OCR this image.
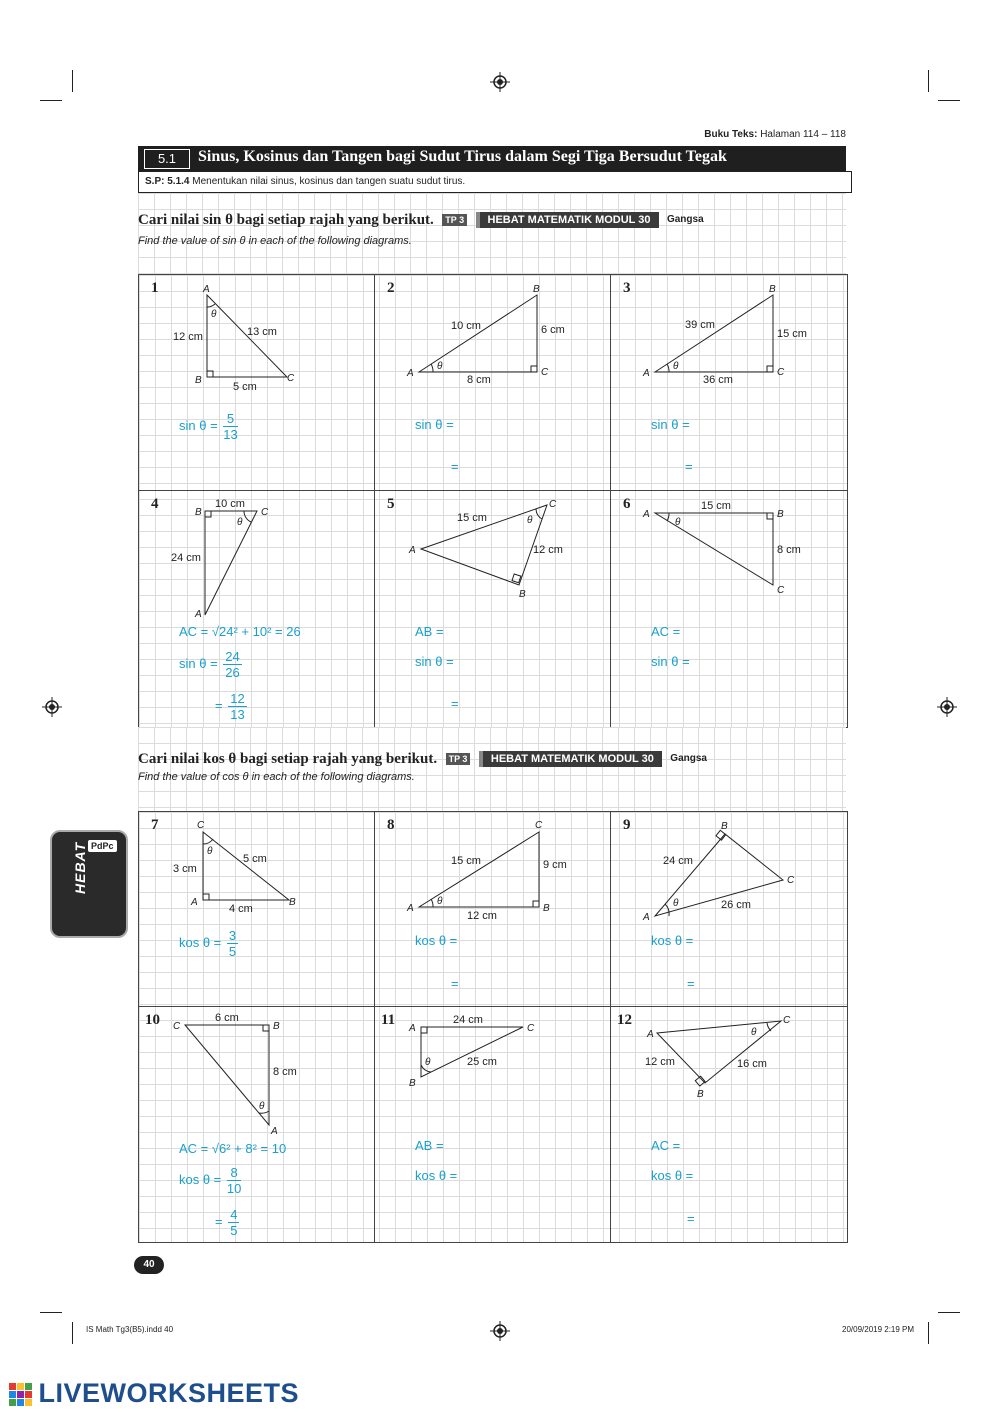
Buku Teks: Halaman 114 – 118
5.1	Sinus, Kosinus dan Tangen bagi Sudut Tirus dalam Segi Tiga Bersudut Tegak
S.P: 5.1.4 Menentukan nilai sinus, kosinus dan tangen suatu sudut tirus.
Cari nilai sin θ bagi setiap rajah yang berikut. TP 3 HEBAT MATEMATIK MODUL 30 Gangsa
Find the value of sin θ in each of the following diagrams.
1	A
B	C
θ
12 cm	13 cm
5 cm
$\sin \theta = \frac{5}{13}$
2	B
A	C
θ
10 cm	6 cm
8 cm
sin θ =
=
3	B
A	C
θ
39 cm
15 cm
36 cm
sin θ =
=
4
B	C
A
θ
10 cm
24 cm
AC = √24² + 10² = 26
$\sin \theta = \frac{24}{26}$
= $\frac{12}{13}$
5	C
A
B
θ
15 cm
12 cm
AB =
sin θ =
=
6
A	B
C
θ
15 cm
8 cm
AC =
sin θ =
Cari nilai kos θ bagi setiap rajah yang berikut. TP 3 HEBAT MATEMATIK MODUL 30 Gangsa
Find the value of cos θ in each of the following diagrams.
7	C
A	B
θ
5 cm
3 cm
4 cm
kos $\theta = \frac{3}{5}$
8	C
A	B
θ
15 cm	9 cm
12 cm
kos θ =
=
9	B
C
A
θ
24 cm
26 cm
kos θ =
=
10 C	B
A
θ
6 cm
8 cm
AC = √6² + 8² = 10
kos $\theta = \frac{8}{10}$
= $\frac{4}{5}$
11
A	C
B
θ
24 cm
25 cm
AB =
kos θ =
12
A
C
B
θ
12 cm	16 cm
AC =
kos θ =
=
PdPc
HEBAT
40
IS Math Tg3(B5).indd 40	20/09/2019 2:19 PM
LIVEWORKSHEETS
